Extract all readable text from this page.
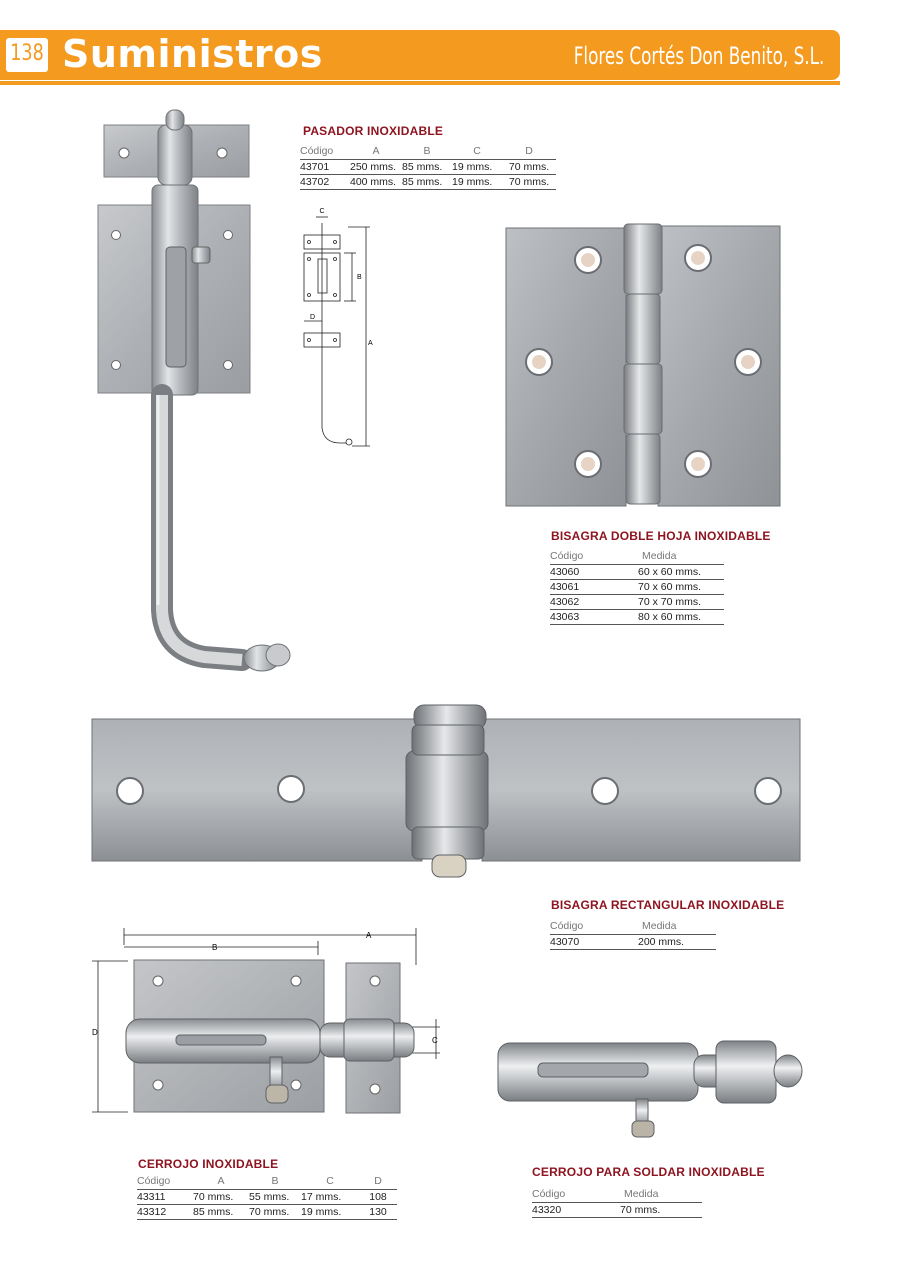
138 Suministros	Flores Cortés Don Benito, S.L.
C
B
D
A
PASADOR INOXIDABLE
Código	A	B	C	D
43701	250 mms.	85 mms.	19 mms.	70 mms.
43702	400 mms.	85 mms.	19 mms.	70 mms.
BISAGRA DOBLE HOJA INOXIDABLE
Código	Medida
43060	60 x 60 mms.
43061	70 x 60 mms.
43062	70 x 70 mms.
43063	80 x 60 mms.
BISAGRA RECTANGULAR INOXIDABLE
Código	Medida
43070	200 mms.
A
B
C
D
CERROJO INOXIDABLE
Código	A	B	C	D
43311	70 mms.	55 mms.	17 mms.	108
43312	85 mms.	70 mms.	19 mms.	130
CERROJO PARA SOLDAR INOXIDABLE
Código	Medida
43320	70 mms.
